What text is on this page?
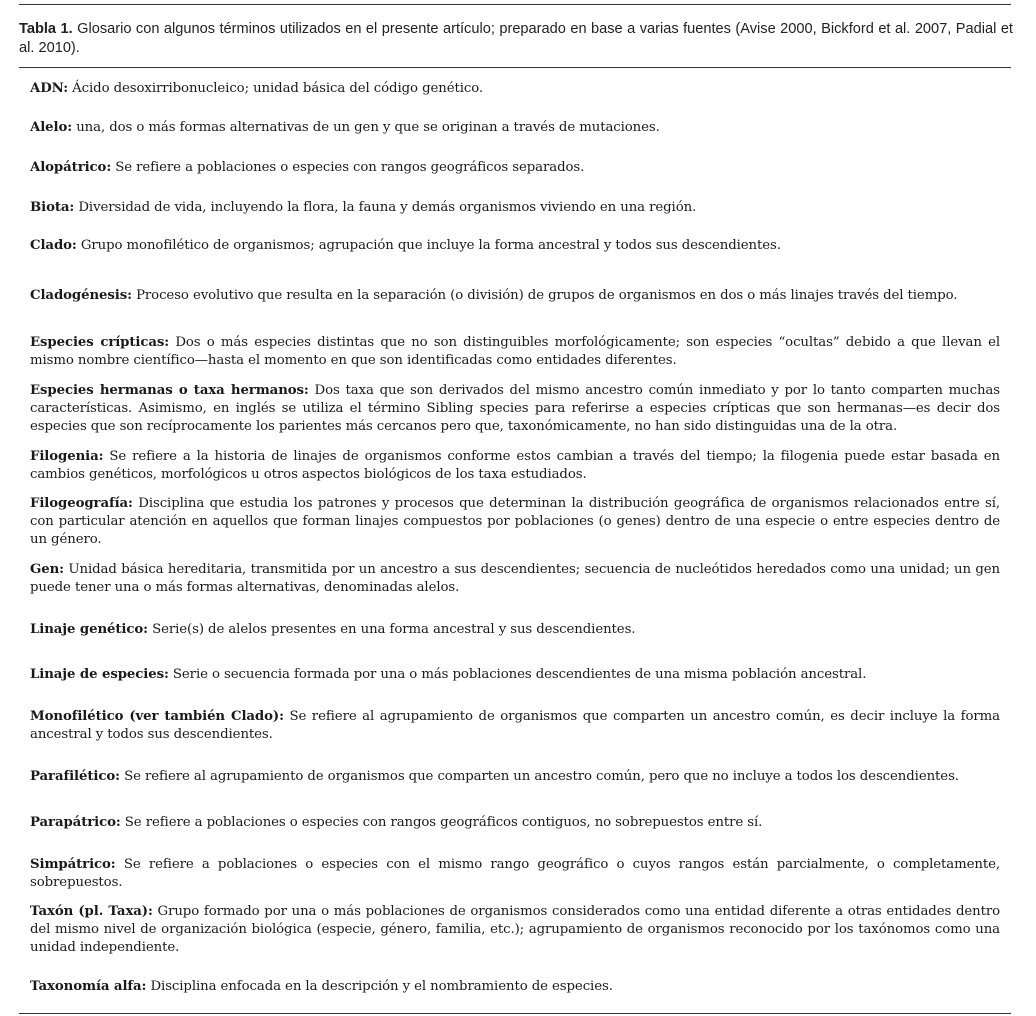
Tabla 1. Glosario con algunos términos utilizados en el presente artículo; preparado en base a varias fuentes (Avise 2000, Bickford et al. 2007, Padial et al. 2010).
ADN: Ácido desoxirribonucleico; unidad básica del código genético.
Alelo: una, dos o más formas alternativas de un gen y que se originan a través de mutaciones.
Alopátrico: Se refiere a poblaciones o especies con rangos geográficos separados.
Biota: Diversidad de vida, incluyendo la flora, la fauna y demás organismos viviendo en una región.
Clado: Grupo monofilético de organismos; agrupación que incluye la forma ancestral y todos sus descendientes.
Cladogénesis: Proceso evolutivo que resulta en la separación (o división) de grupos de organismos en dos o más linajes través del tiempo.
Especies crípticas: Dos o más especies distintas que no son distinguibles morfológicamente; son especies “ocultas” debido a que llevan el mismo nombre científico—hasta el momento en que son identificadas como entidades diferentes.
Especies hermanas o taxa hermanos: Dos taxa que son derivados del mismo ancestro común inmediato y por lo tanto comparten muchas características. Asimismo, en inglés se utiliza el término Sibling species para referirse a especies crípticas que son hermanas—es decir dos especies que son recíprocamente los parientes más cercanos pero que, taxonómicamente, no han sido distinguidas una de la otra.
Filogenia: Se refiere a la historia de linajes de organismos conforme estos cambian a través del tiempo; la filogenia puede estar basada en cambios genéticos, morfológicos u otros aspectos biológicos de los taxa estudiados.
Filogeografía: Disciplina que estudia los patrones y procesos que determinan la distribución geográfica de organismos relacionados entre sí, con particular atención en aquellos que forman linajes compuestos por poblaciones (o genes) dentro de una especie o entre especies dentro de un género.
Gen: Unidad básica hereditaria, transmitida por un ancestro a sus descendientes; secuencia de nucleótidos heredados como una unidad; un gen puede tener una o más formas alternativas, denominadas alelos.
Linaje genético: Serie(s) de alelos presentes en una forma ancestral y sus descendientes.
Linaje de especies: Serie o secuencia formada por una o más poblaciones descendientes de una misma población ancestral.
Monofilético (ver también Clado): Se refiere al agrupamiento de organismos que comparten un ancestro común, es decir incluye la forma ancestral y todos sus descendientes.
Parafilético: Se refiere al agrupamiento de organismos que comparten un ancestro común, pero que no incluye a todos los descendientes.
Parapátrico: Se refiere a poblaciones o especies con rangos geográficos contiguos, no sobrepuestos entre sí.
Simpátrico: Se refiere a poblaciones o especies con el mismo rango geográfico o cuyos rangos están parcialmente, o completamente, sobrepuestos.
Taxón (pl. Taxa): Grupo formado por una o más poblaciones de organismos considerados como una entidad diferente a otras entidades dentro del mismo nivel de organización biológica (especie, género, familia, etc.); agrupamiento de organismos reconocido por los taxónomos como una unidad independiente.
Taxonomía alfa: Disciplina enfocada en la descripción y el nombramiento de especies.
